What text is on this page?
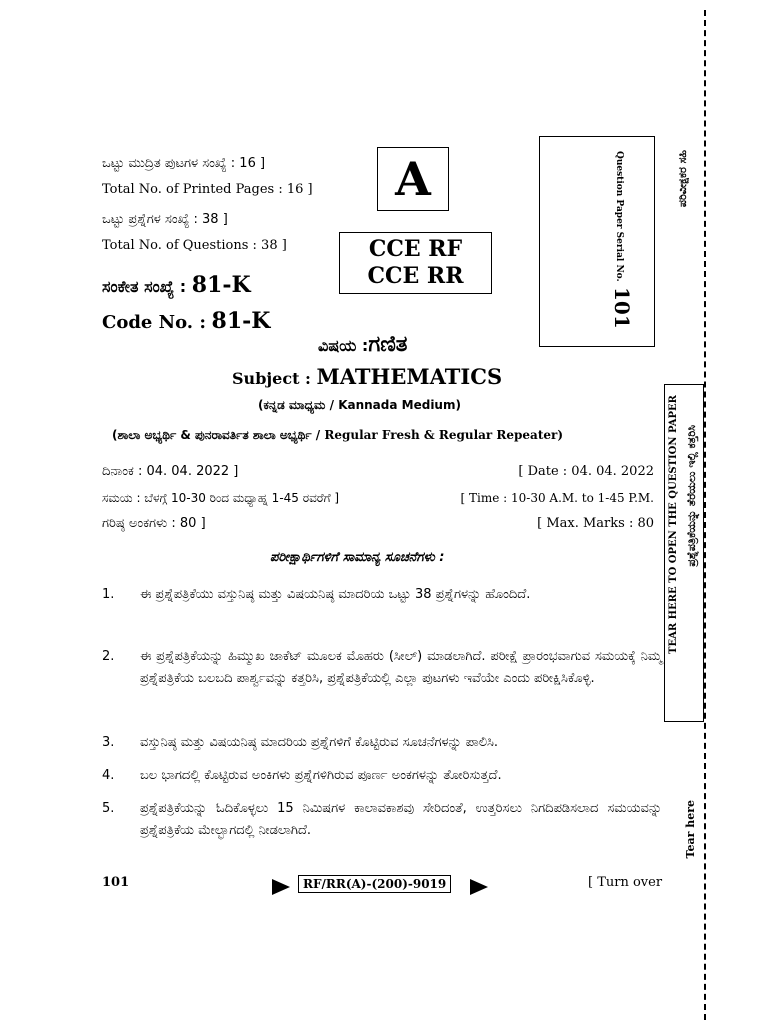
ಒಟ್ಟು ಮುದ್ರಿತ ಪುಟಗಳ ಸಂಖ್ಯೆ : 16 ]
Total No. of Printed Pages : 16 ]
ಒಟ್ಟು ಪ್ರಶ್ನೆಗಳ ಸಂಖ್ಯೆ : 38 ]
Total No. of Questions : 38 ]
ಸಂಕೇತ ಸಂಖ್ಯೆ : 81-K
Code No. : 81-K
A
CCE RF
CCE RR	Question Paper Serial No.
101
ಪರಿವೀಕ್ಷಕರ ಸಹಿ
ವಿಷಯ :ಗಣಿತ
Subject : MATHEMATICS
(ಕನ್ನಡ ಮಾಧ್ಯಮ / Kannada Medium)
(ಶಾಲಾ ಅಭ್ಯರ್ಥಿ & ಪುನರಾವರ್ತಿತ ಶಾಲಾ ಅಭ್ಯರ್ಥಿ / Regular Fresh & Regular Repeater)
ದಿನಾಂಕ : 04. 04. 2022 ]	[ Date : 04. 04. 2022
ಸಮಯ : ಬೆಳಗ್ಗೆ 10-30 ರಿಂದ ಮಧ್ಯಾಹ್ನ 1-45 ರವರೆಗೆ ]	[ Time : 10-30 A.M. to 1-45 P.M.
ಗರಿಷ್ಠ ಅಂಕಗಳು : 80 ]	[ Max. Marks : 80
ಪರೀಕ್ಷಾರ್ಥಿಗಳಿಗೆ ಸಾಮಾನ್ಯ ಸೂಚನೆಗಳು :
1. ಈ ಪ್ರಶ್ನೆಪತ್ರಿಕೆಯು ವಸ್ತುನಿಷ್ಠ ಮತ್ತು ವಿಷಯನಿಷ್ಠ ಮಾದರಿಯ ಒಟ್ಟು 38 ಪ್ರಶ್ನೆಗಳನ್ನು ಹೊಂದಿದೆ.
2. ಈ ಪ್ರಶ್ನೆಪತ್ರಿಕೆಯನ್ನು ಹಿಮ್ಮುಖ ಜಾಕೆಟ್ ಮೂಲಕ ಮೊಹರು (ಸೀಲ್) ಮಾಡಲಾಗಿದೆ. ಪರೀಕ್ಷೆ ಪ್ರಾರಂಭವಾಗುವ ಸಮಯಕ್ಕೆ ನಿಮ್ಮ ಪ್ರಶ್ನೆಪತ್ರಿಕೆಯ ಬಲಬದಿ ಪಾರ್ಶ್ವವನ್ನು ಕತ್ತರಿಸಿ, ಪ್ರಶ್ನೆಪತ್ರಿಕೆಯಲ್ಲಿ ಎಲ್ಲಾ ಪುಟಗಳು ಇವೆಯೇ ಎಂದು ಪರೀಕ್ಷಿಸಿಕೊಳ್ಳಿ.
3. ವಸ್ತುನಿಷ್ಠ ಮತ್ತು ವಿಷಯನಿಷ್ಠ ಮಾದರಿಯ ಪ್ರಶ್ನೆಗಳಿಗೆ ಕೊಟ್ಟಿರುವ ಸೂಚನೆಗಳನ್ನು ಪಾಲಿಸಿ.
4. ಬಲ ಭಾಗದಲ್ಲಿ ಕೊಟ್ಟಿರುವ ಅಂಕಿಗಳು ಪ್ರಶ್ನೆಗಳಿಗಿರುವ ಪೂರ್ಣ ಅಂಕಗಳನ್ನು ತೋರಿಸುತ್ತದೆ.
5. ಪ್ರಶ್ನೆಪತ್ರಿಕೆಯನ್ನು ಓದಿಕೊಳ್ಳಲು 15 ನಿಮಿಷಗಳ ಕಾಲಾವಕಾಶವು ಸೇರಿದಂತೆ, ಉತ್ತರಿಸಲು ನಿಗದಿಪಡಿಸಲಾದ ಸಮಯವನ್ನು ಪ್ರಶ್ನೆಪತ್ರಿಕೆಯ ಮೇಲ್ಭಾಗದಲ್ಲಿ ನೀಡಲಾಗಿದೆ.
TEAR HERE TO OPEN THE QUESTION PAPER ಪ್ರಶ್ನೆಪತ್ರಿಕೆಯನ್ನು ತೆರೆಯಲು ಇಲ್ಲಿ ಕತ್ತರಿಸಿ
Tear here
101	RF/RR(A)-(200)-9019	[ Turn over
